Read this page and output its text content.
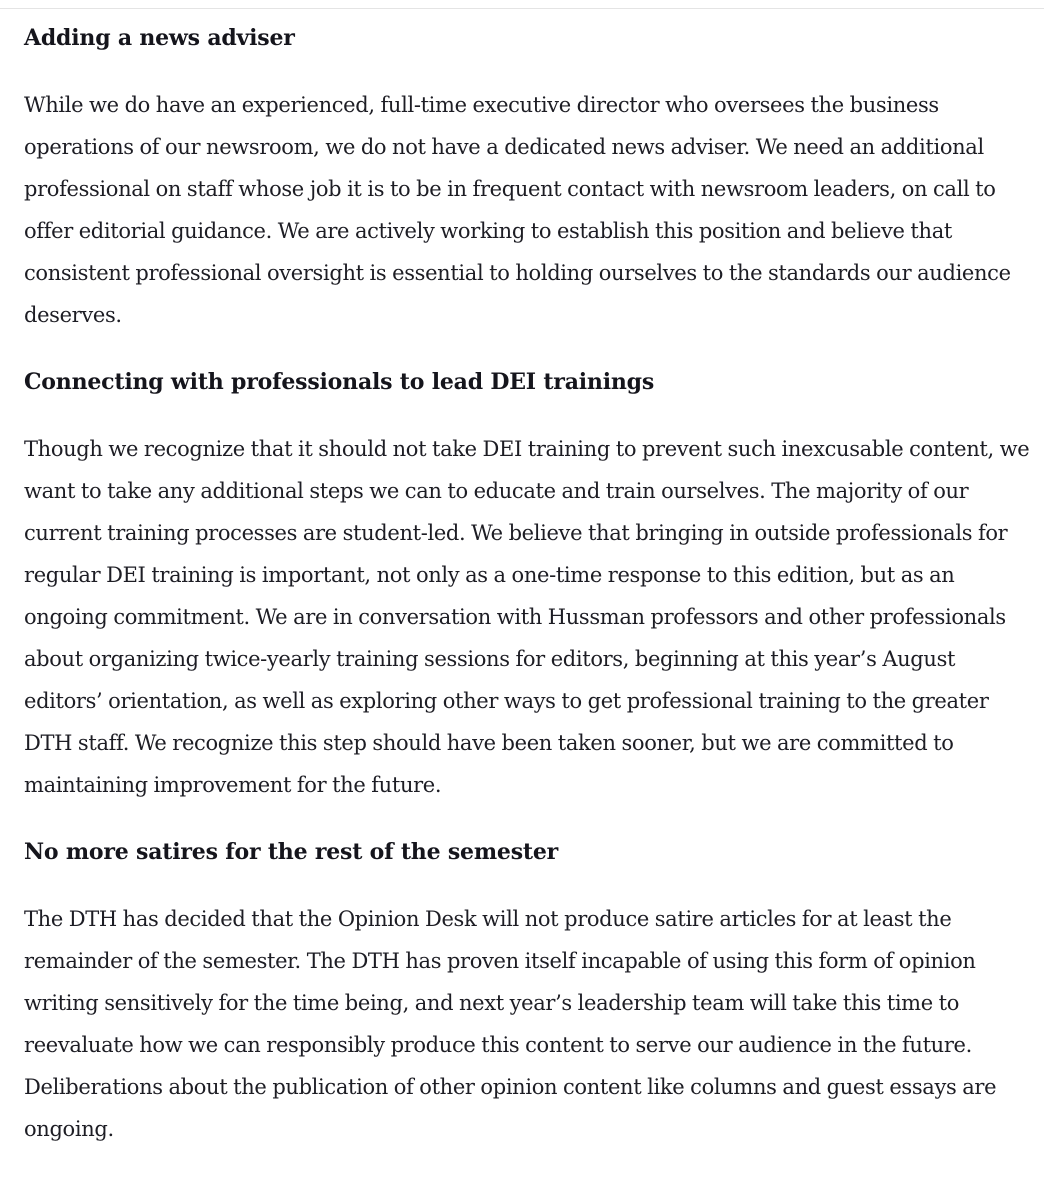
Adding a news adviser

While we do have an experienced, full-time executive director who oversees the business operations of our newsroom, we do not have a dedicated news adviser. We need an additional professional on staff whose job it is to be in frequent contact with newsroom leaders, on call to offer editorial guidance. We are actively working to establish this position and believe that consistent professional oversight is essential to holding ourselves to the standards our audience deserves.

Connecting with professionals to lead DEI trainings

Though we recognize that it should not take DEI training to prevent such inexcusable content, we want to take any additional steps we can to educate and train ourselves. The majority of our current training processes are student-led. We believe that bringing in outside professionals for regular DEI training is important, not only as a one-time response to this edition, but as an ongoing commitment. We are in conversation with Hussman professors and other professionals about organizing twice-yearly training sessions for editors, beginning at this year’s August editors’ orientation, as well as exploring other ways to get professional training to the greater DTH staff. We recognize this step should have been taken sooner, but we are committed to maintaining improvement for the future.

No more satires for the rest of the semester

The DTH has decided that the Opinion Desk will not produce satire articles for at least the remainder of the semester. The DTH has proven itself incapable of using this form of opinion writing sensitively for the time being, and next year’s leadership team will take this time to reevaluate how we can responsibly produce this content to serve our audience in the future. Deliberations about the publication of other opinion content like columns and guest essays are ongoing.
